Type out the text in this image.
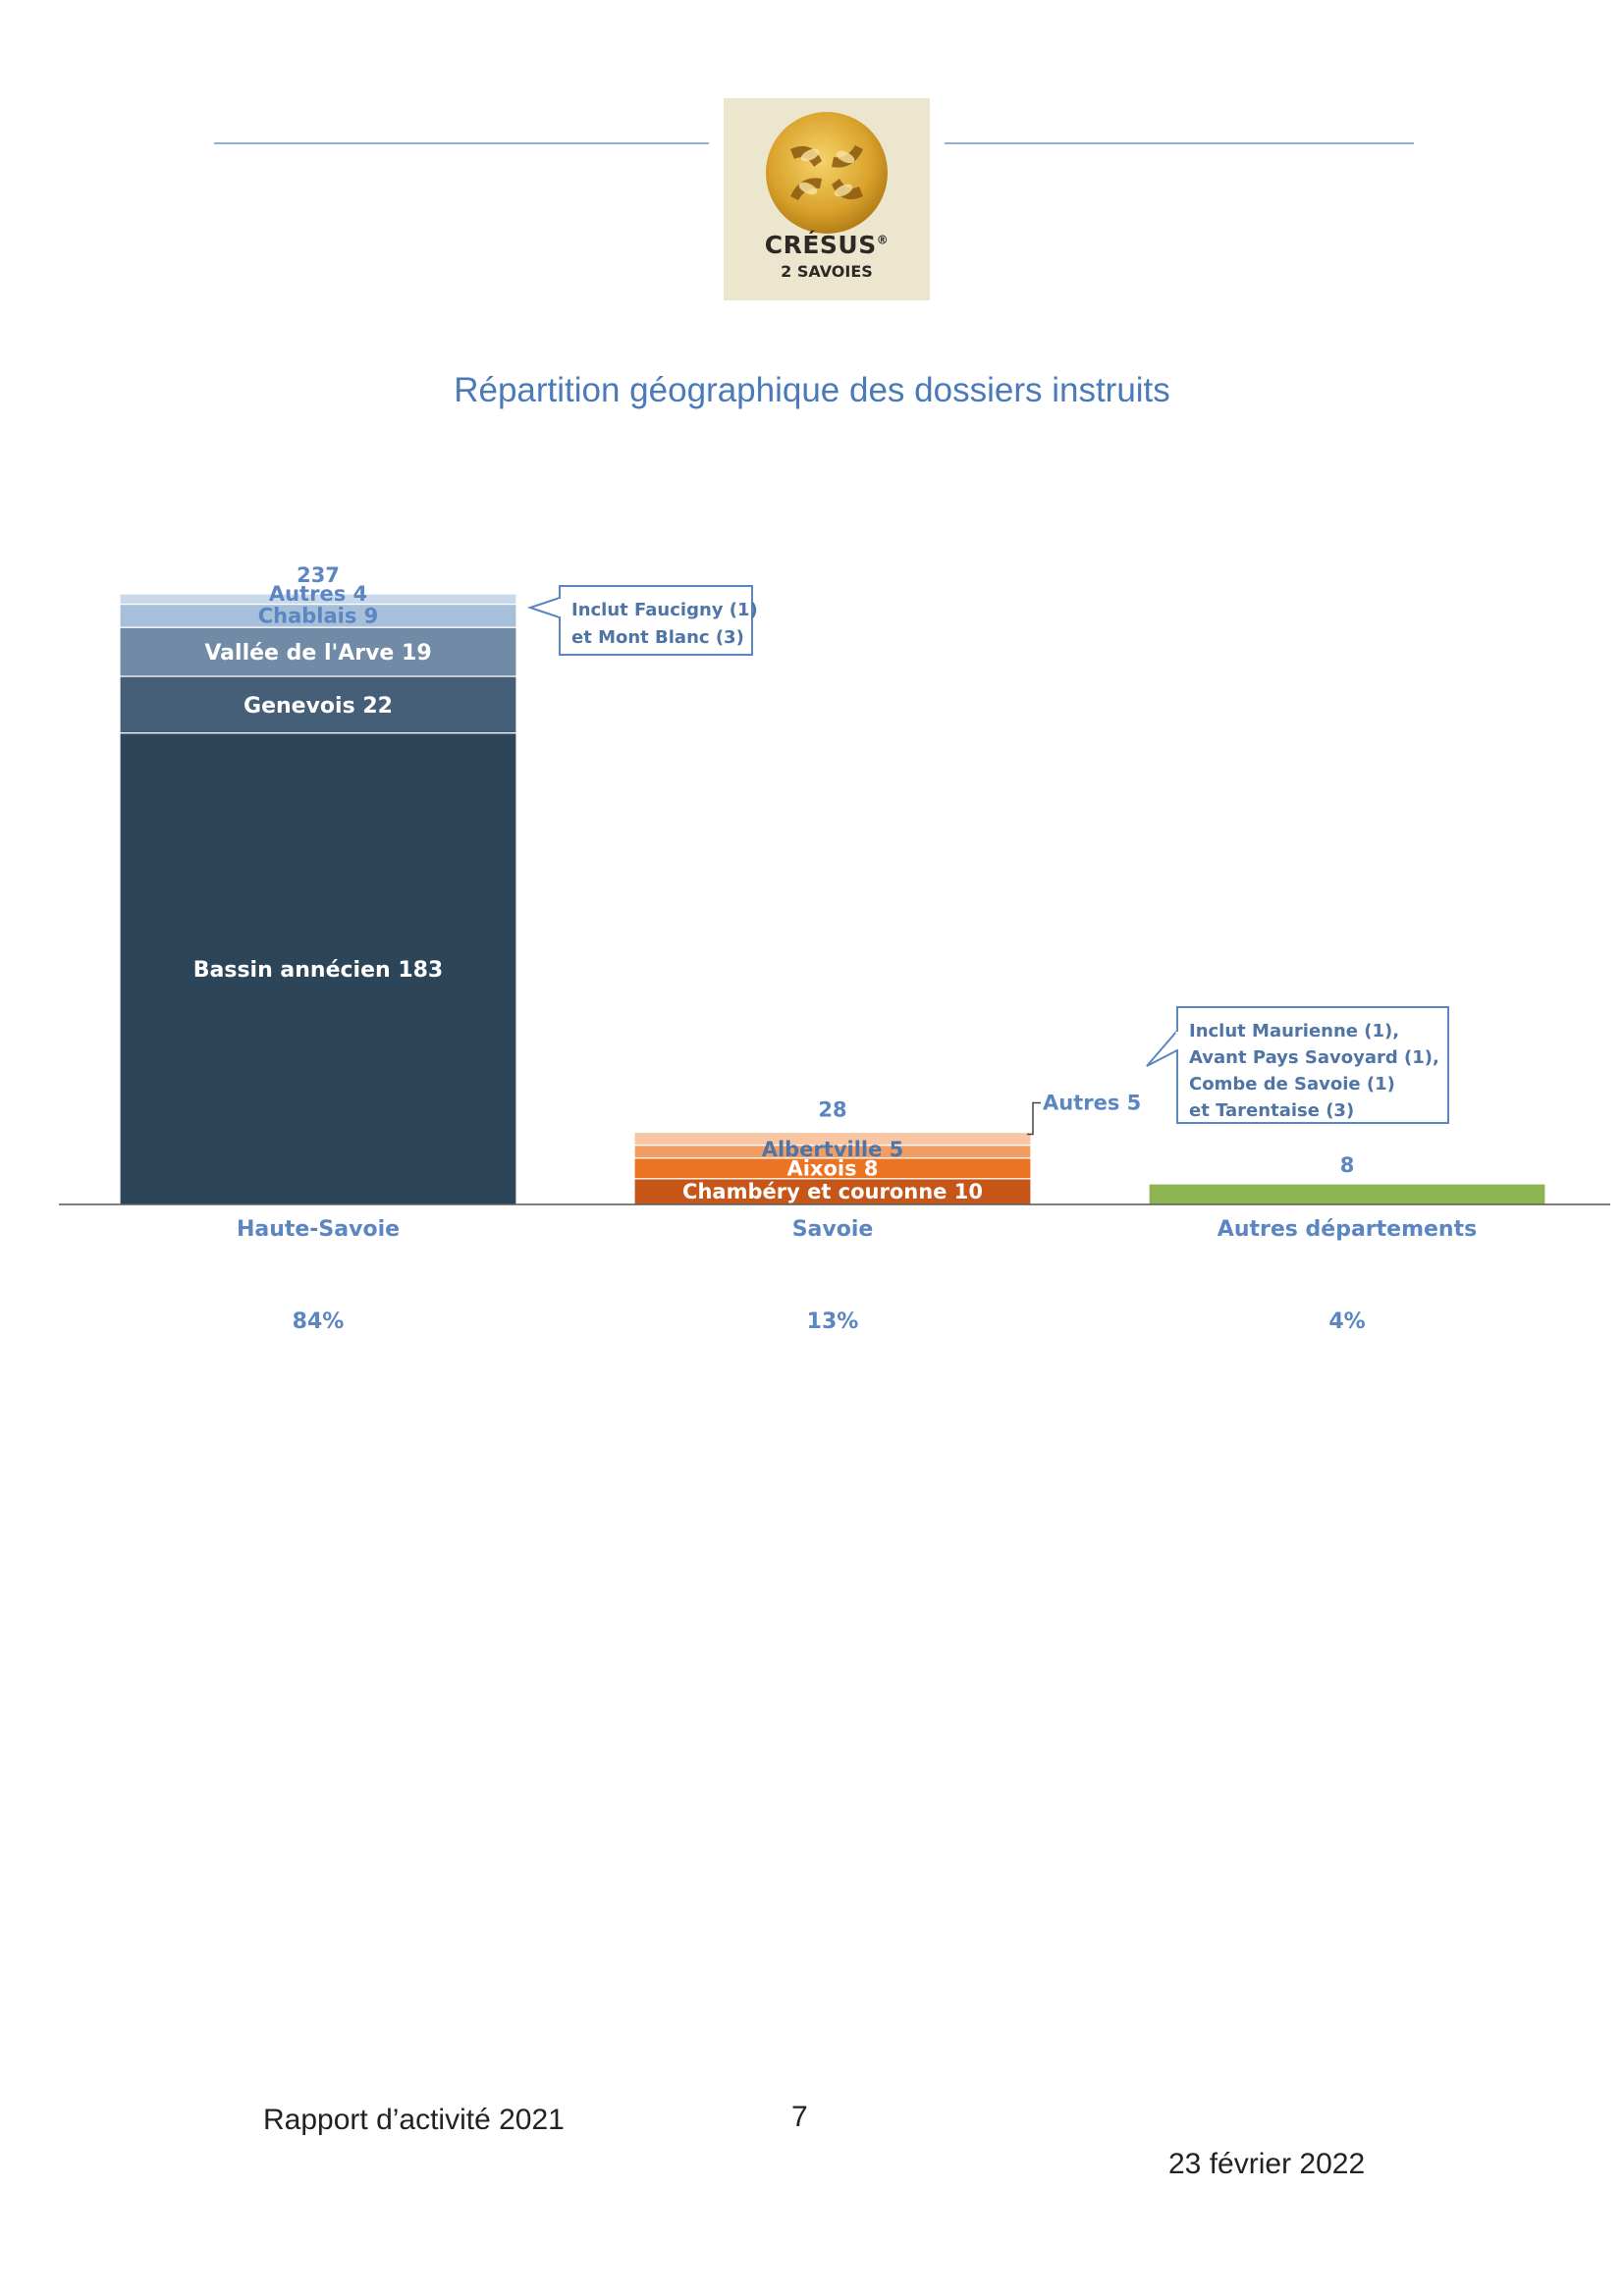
CRÉSUS®
2 SAVOIES
Répartition géographique des dossiers instruits
Bassin annécien 183
Genevois 22
Vallée de l'Arve 19
Chablais 9
Autres 4
Chambéry et couronne 10
Aixois 8
Albertville 5
Autres 5
237
28
8
Haute-Savoie	Savoie	Autres départements
84%	13%	4%
Inclut Faucigny (1)
et Mont Blanc (3)
Inclut Maurienne (1),
Avant Pays Savoyard (1),
Combe de Savoie (1)
et Tarentaise (3)
Rapport d’activité 2021	7
23 février 2022
